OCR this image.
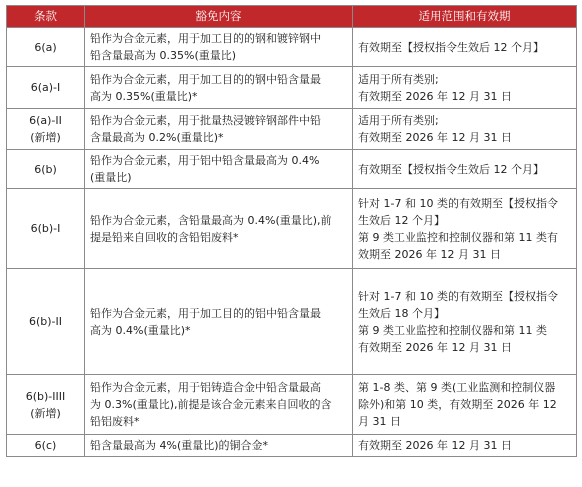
条款	豁免内容	适用范围和有效期

6(a)	铅作为合金元素，用于加工目的的钢和镀锌钢中
铅含量最高为 0.35%(重量比)	有效期至【授权指令生效后 12 个月】

6(a)-I	铅作为合金元素，用于加工目的的钢中铅含量最
高为 0.35%(重量比)*	适用于所有类别;
有效期至 2026 年 12 月 31 日

6(a)-II
(新增)	铅作为合金元素，用于批量热浸镀锌钢部件中铅
含量最高为 0.2%(重量比)*	适用于所有类别;
有效期至 2026 年 12 月 31 日

6(b)	铅作为合金元素，用于铝中铅含量最高为 0.4%
(重量比)	有效期至【授权指令生效后 12 个月】

6(b)-I	铅作为合金元素，含铅量最高为 0.4%(重量比),前
提是铅来自回收的含铅铝废料*	针对 1-7 和 10 类的有效期至【授权指令
生效后 12 个月】
第 9 类工业监控和控制仪器和第 11 类有
效期至 2026 年 12 月 31 日

6(b)-II	铅作为合金元素，用于加工目的的铝中铅含量最
高为 0.4%(重量比)*	针对 1-7 和 10 类的有效期至【授权指令
生效后 18 个月】
第 9 类工业监控和控制仪器和第 11 类
有效期至 2026 年 12 月 31 日

6(b)-IIII
(新增)	铅作为合金元素，用于铝铸造合金中铅含量最高
为 0.3%(重量比),前提是该合金元素来自回收的含
铅铝废料*	第 1-8 类、第 9 类(工业监测和控制仪器
除外)和第 10 类，有效期至 2026 年 12
月 31 日

6(c)	铅含量最高为 4%(重量比)的铜合金*	有效期至 2026 年 12 月 31 日
